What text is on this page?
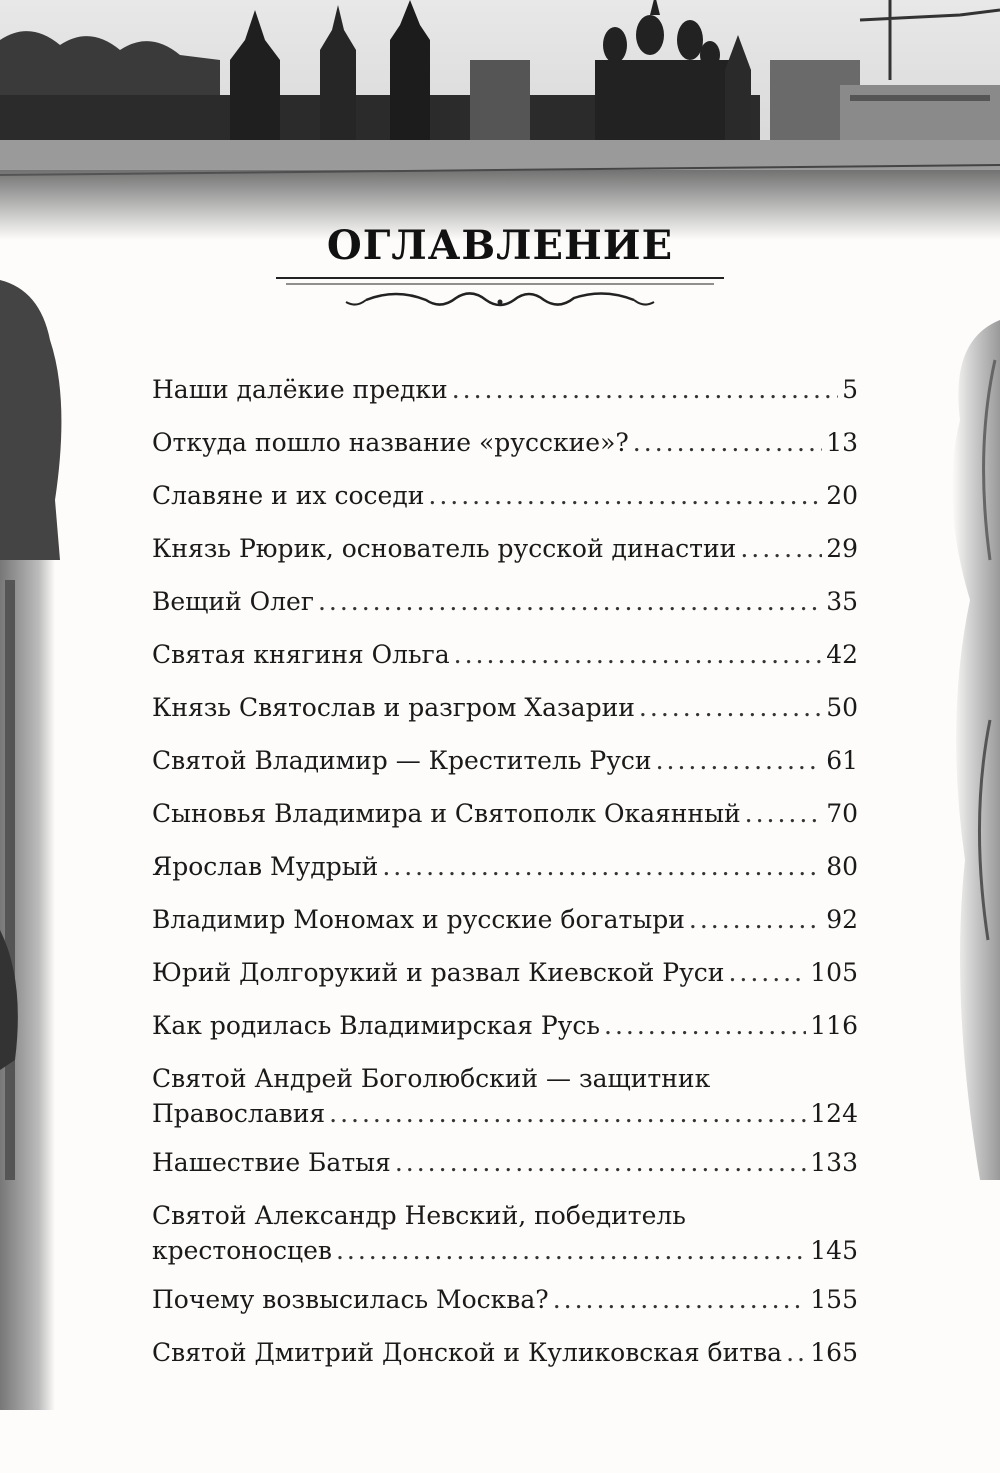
ОГЛАВЛЕНИЕ
Наши далёкие предки .....	5
Откуда пошло название «русские»? .....	13
Славяне и их соседи .....	20
Князь Рюрик, основатель русской династии .....	29
Вещий Олег .....	35
Святая княгиня Ольга .....	42
Князь Святослав и разгром Хазарии .....	50
Святой Владимир — Креститель Руси .....	61
Сыновья Владимира и Святополк Окаянный .....	70
Ярослав Мудрый .....	80
Владимир Мономах и русские богатыри .....	92
Юрий Долгорукий и развал Киевской Руси .....	105
Как родилась Владимирская Русь .....	116
Святой Андрей Боголюбский — защитник
Православия .....	124
Нашествие Батыя .....	133
Святой Александр Невский, победитель
крестоносцев .....	145
Почему возвысилась Москва? .....	155
Святой Дмитрий Донской и Куликовская битва ..... 165
